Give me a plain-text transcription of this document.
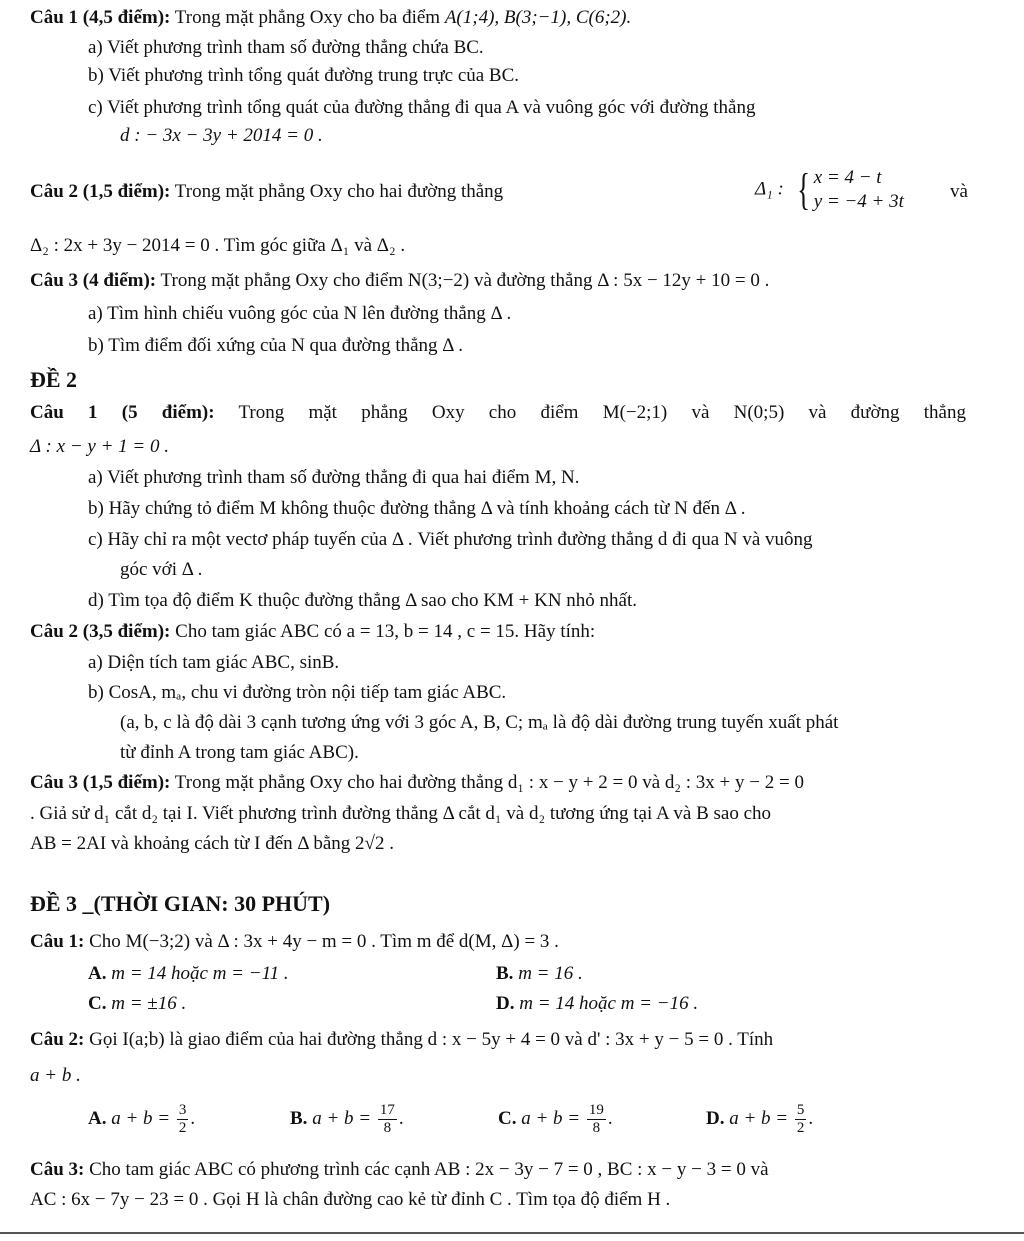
Câu 1 (4,5 điểm): Trong mặt phẳng Oxy cho ba điểm A(1;4), B(3;−1), C(6;2).
a) Viết phương trình tham số đường thẳng chứa BC.
b) Viết phương trình tổng quát đường trung trực của BC.
c) Viết phương trình tổng quát của đường thẳng đi qua A và vuông góc với đường thẳng
d : − 3x − 3y + 2014 = 0 .
Câu 2 (1,5 điểm): Trong mặt phẳng Oxy cho hai đường thẳng	Δ₁ : { x = 4 − t
y = −4 + 3t	và
Δ₂ : 2x + 3y − 2014 = 0 . Tìm góc giữa Δ₁ và Δ₂ .
Câu 3 (4 điểm): Trong mặt phẳng Oxy cho điểm N(3;−2) và đường thẳng Δ : 5x − 12y + 10 = 0 .
a) Tìm hình chiếu vuông góc của N lên đường thẳng Δ .
b) Tìm điểm đối xứng của N qua đường thẳng Δ .
ĐỀ 2
Câu 1 (5 điểm): Trong mặt phẳng Oxy cho điểm M(−2;1) và N(0;5) và đường thẳng
Δ : x − y + 1 = 0 .
a) Viết phương trình tham số đường thẳng đi qua hai điểm M, N.
b) Hãy chứng tỏ điểm M không thuộc đường thẳng Δ và tính khoảng cách từ N đến Δ .
c) Hãy chỉ ra một vectơ pháp tuyến của Δ . Viết phương trình đường thẳng d đi qua N và vuông
góc với Δ .
d) Tìm tọa độ điểm K thuộc đường thẳng Δ sao cho KM + KN nhỏ nhất.
Câu 2 (3,5 điểm): Cho tam giác ABC có a = 13, b = 14 , c = 15. Hãy tính:
a) Diện tích tam giác ABC, sinB.
b) CosA, mₐ, chu vi đường tròn nội tiếp tam giác ABC.
(a, b, c là độ dài 3 cạnh tương ứng với 3 góc A, B, C; mₐ là độ dài đường trung tuyến xuất phát
từ đỉnh A trong tam giác ABC).
Câu 3 (1,5 điểm): Trong mặt phẳng Oxy cho hai đường thẳng d₁ : x − y + 2 = 0 và d₂ : 3x + y − 2 = 0
. Giả sử d₁ cắt d₂ tại I. Viết phương trình đường thẳng Δ cắt d₁ và d₂ tương ứng tại A và B sao cho
AB = 2AI và khoảng cách từ I đến Δ bằng 2√2 .
ĐỀ 3 _(THỜI GIAN: 30 PHÚT)
Câu 1: Cho M(−3;2) và Δ : 3x + 4y − m = 0 . Tìm m để d(M, Δ) = 3 .
A. m = 14 hoặc m = −11 .	B. m = 16 .
C. m = ±16 .	D. m = 14 hoặc m = −16 .
Câu 2: Gọi I(a;b) là giao điểm của hai đường thẳng d : x − 5y + 4 = 0 và d' : 3x + y − 5 = 0 . Tính
a + b .
A. $a + b = \frac{3}{2}$ .	B. $a + b = \frac{17}{8}$ .	C. $a + b = \frac{19}{8}$ .	D. $a + b = \frac{5}{2}$ .
Câu 3: Cho tam giác ABC có phương trình các cạnh AB : 2x − 3y − 7 = 0 , BC : x − y − 3 = 0 và
AC : 6x − 7y − 23 = 0 . Gọi H là chân đường cao kẻ từ đỉnh C . Tìm tọa độ điểm H .
